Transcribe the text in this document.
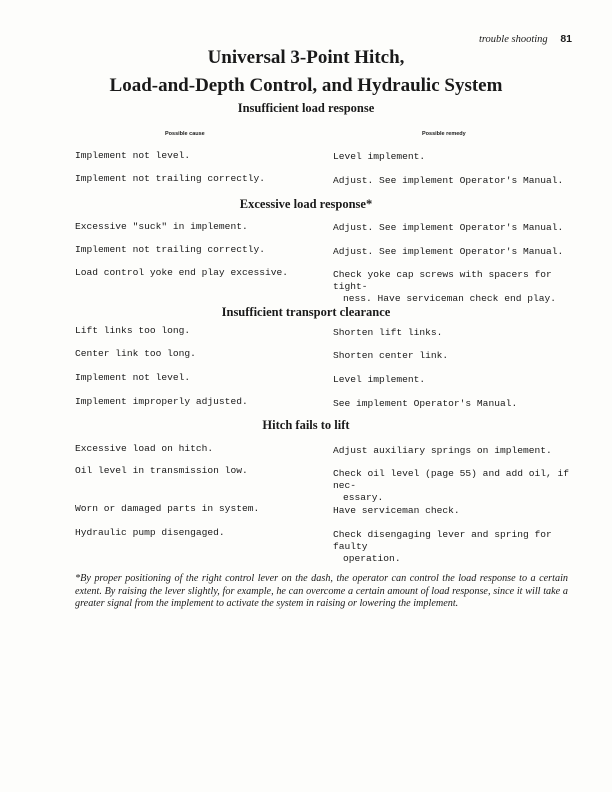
trouble shooting 81
Universal 3-Point Hitch,
Load-and-Depth Control, and Hydraulic System
Insufficient load response
Possible cause	Possible remedy
Implement not level.	Level implement.
Implement not trailing correctly.	Adjust. See implement Operator's Manual.
Excessive load response*
Excessive "suck" in implement.	Adjust. See implement Operator's Manual.
Implement not trailing correctly.	Adjust. See implement Operator's Manual.
Load control yoke end play excessive.	Check yoke cap screws with spacers for tight-
ness. Have serviceman check end play.
Insufficient transport clearance
Lift links too long.	Shorten lift links.
Center link too long.	Shorten center link.
Implement not level.	Level implement.
Implement improperly adjusted.	See implement Operator's Manual.
Hitch fails to lift
Excessive load on hitch.	Adjust auxiliary springs on implement.
Oil level in transmission low.	Check oil level (page 55) and add oil, if nec-
essary.
Worn or damaged parts in system.	Have serviceman check.
Hydraulic pump disengaged.	Check disengaging lever and spring for faulty
operation.
*By proper positioning of the right control lever on the dash, the operator can control the load response to a certain extent. By raising the lever slightly, for example, he can overcome a certain amount of load response, since it will take a greater signal from the implement to activate the system in raising or lowering the implement.
